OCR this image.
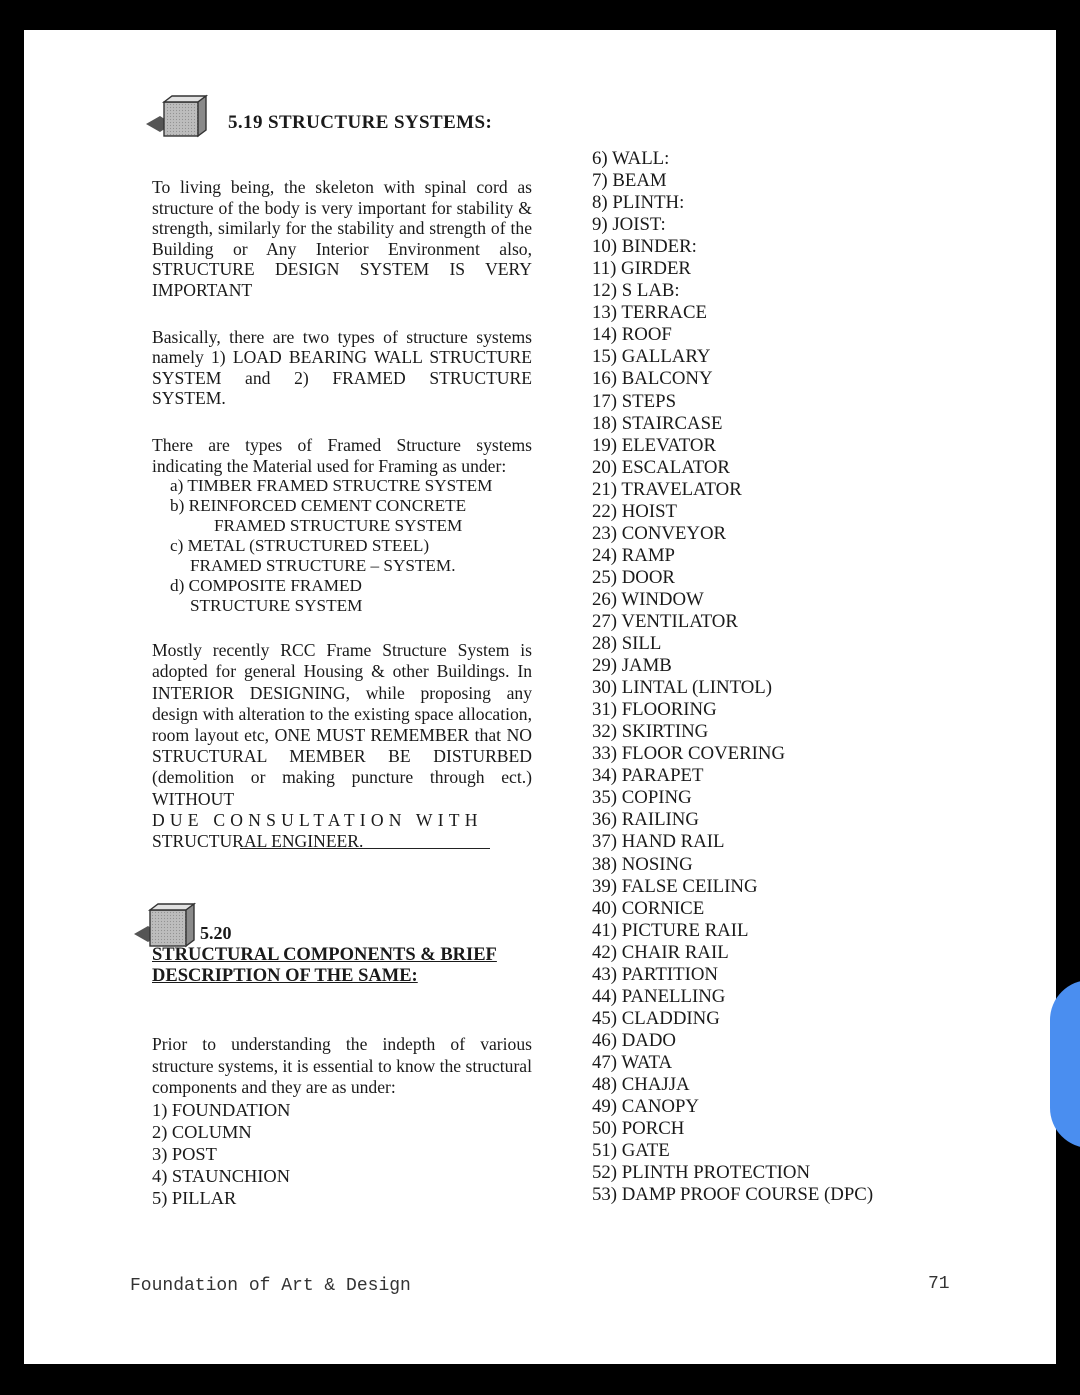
5.19 STRUCTURE SYSTEMS:

To living being, the skeleton with spinal cord as structure of the body is very important for stability & strength, similarly for the stability and strength of the Building or Any Interior Environment also, STRUCTURE DESIGN SYSTEM IS VERY IMPORTANT

Basically, there are two types of structure systems namely 1) LOAD BEARING WALL STRUCTURE SYSTEM and 2) FRAMED STRUCTURE SYSTEM.

There are types of Framed Structure systems indicating the Material used for Framing as under:

a) TIMBER FRAMED STRUCTRE SYSTEM
b) REINFORCED CEMENT CONCRETE
FRAMED STRUCTURE SYSTEM
c) METAL (STRUCTURED STEEL)
FRAMED STRUCTURE – SYSTEM.
d) COMPOSITE FRAMED
STRUCTURE SYSTEM

Mostly recently RCC Frame Structure System is adopted for general Housing & other Buildings. In INTERIOR DESIGNING, while proposing any design with alteration to the existing space allocation, room layout etc, ONE MUST REMEMBER that NO STRUCTURAL MEMBER BE DISTURBED (demolition or making puncture through ect.) WITHOUT

DUE CONSULTATION WITH

STRUCTURAL ENGINEER.

5.20
STRUCTURAL COMPONENTS & BRIEF DESCRIPTION OF THE SAME:

Prior to understanding the indepth of various structure systems, it is essential to know the structural components and they are as under:

1) FOUNDATION
2) COLUMN
3) POST
4) STAUNCHION
5) PILLAR
6) WALL:
7) BEAM
8) PLINTH:
9) JOIST:
10) BINDER:
11) GIRDER
12) S LAB:
13) TERRACE
14) ROOF
15) GALLARY
16) BALCONY
17) STEPS
18) STAIRCASE
19) ELEVATOR
20) ESCALATOR
21) TRAVELATOR
22) HOIST
23) CONVEYOR
24) RAMP
25) DOOR
26) WINDOW
27) VENTILATOR
28) SILL
29) JAMB
30) LINTAL (LINTOL)
31) FLOORING
32) SKIRTING
33) FLOOR COVERING
34) PARAPET
35) COPING
36) RAILING
37) HAND RAIL
38) NOSING
39) FALSE CEILING
40) CORNICE
41) PICTURE RAIL
42) CHAIR RAIL
43) PARTITION
44) PANELLING
45) CLADDING
46) DADO
47) WATA
48) CHAJJA
49) CANOPY
50) PORCH
51) GATE
52) PLINTH PROTECTION
53) DAMP PROOF COURSE (DPC)
Foundation of Art & Design	71
